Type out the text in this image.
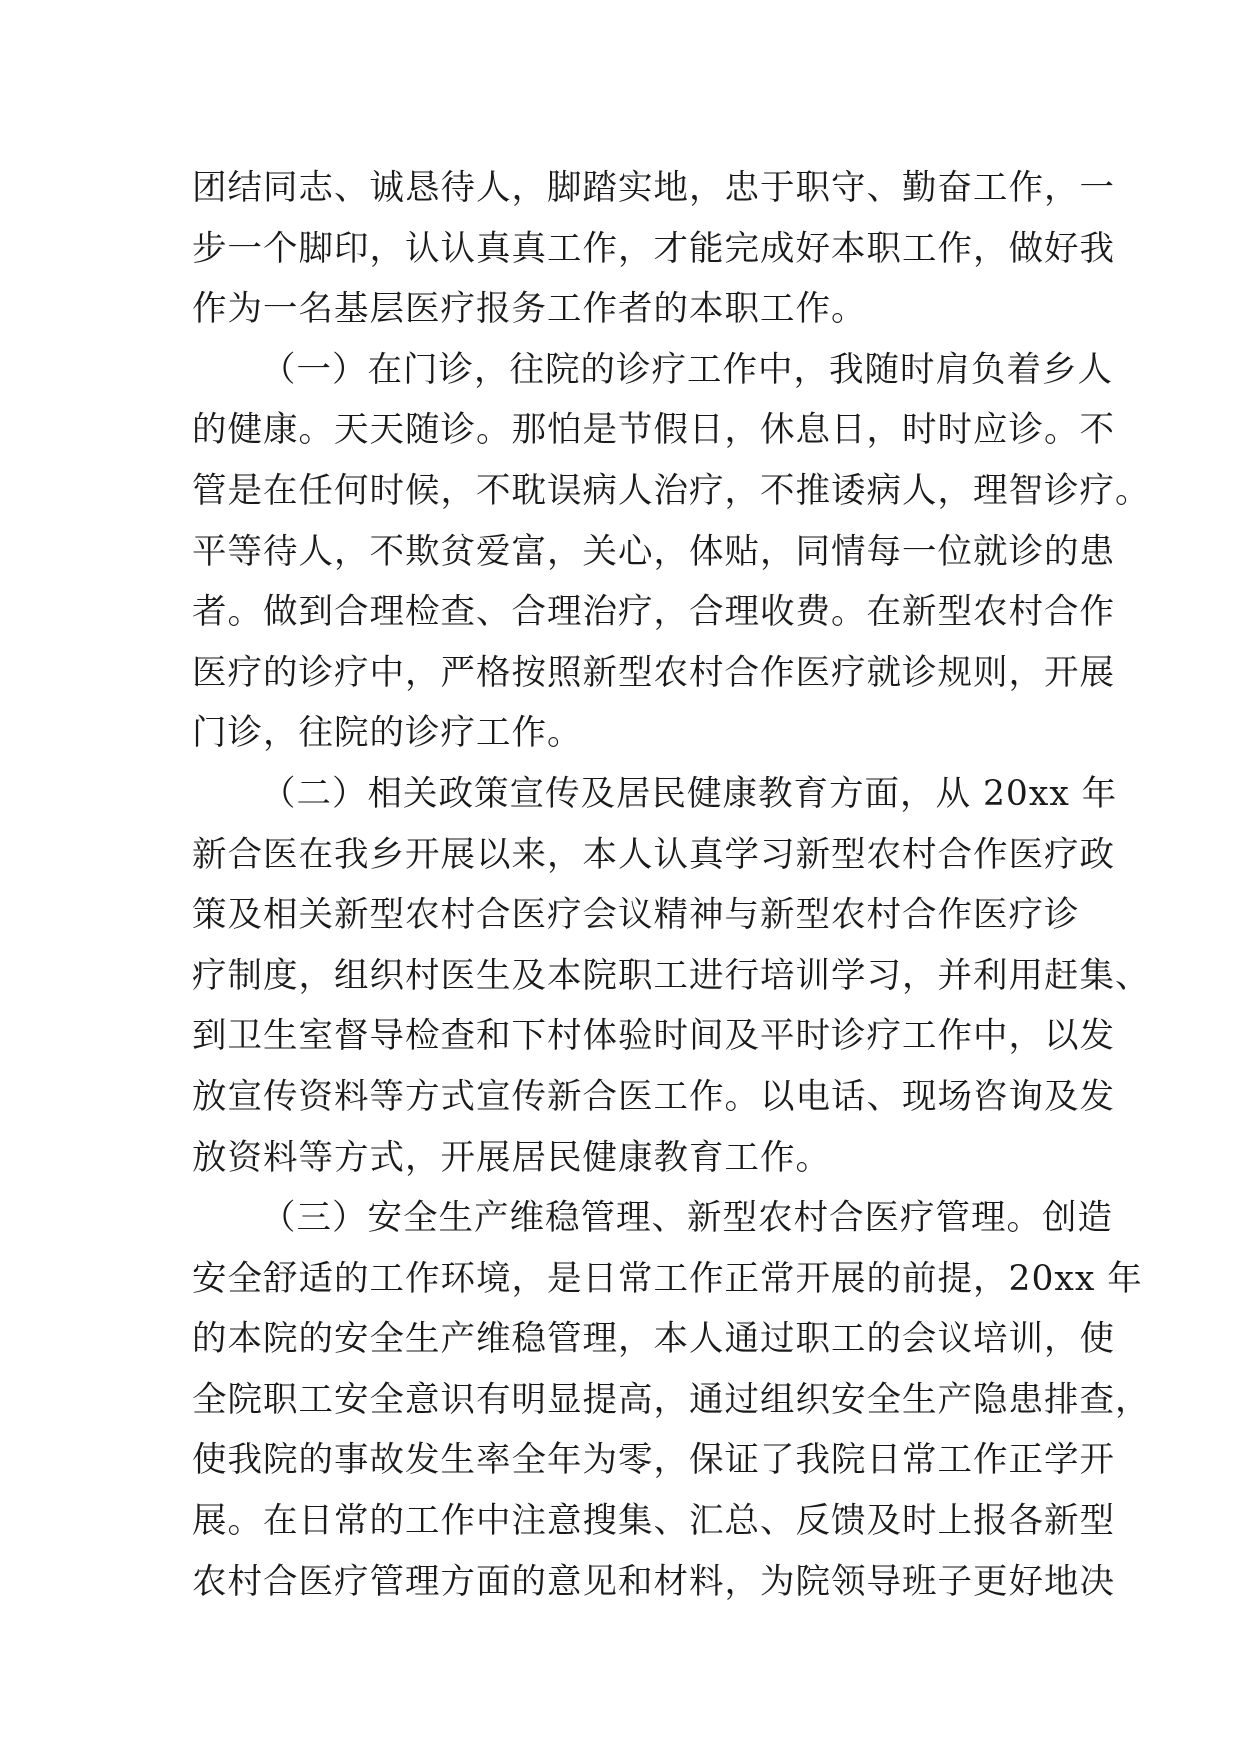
团结同志、诚恳待人，脚踏实地，忠于职守、勤奋工作，一
步一个脚印，认认真真工作，才能完成好本职工作，做好我
作为一名基层医疗报务工作者的本职工作。
（一）在门诊，往院的诊疗工作中，我随时肩负着乡人
的健康。天天随诊。那怕是节假日，休息日，时时应诊。不
管是在任何时候，不耽误病人治疗，不推诿病人，理智诊疗。
平等待人，不欺贫爱富，关心，体贴，同情每一位就诊的患
者。做到合理检查、合理治疗，合理收费。在新型农村合作
医疗的诊疗中，严格按照新型农村合作医疗就诊规则，开展
门诊，往院的诊疗工作。
（二）相关政策宣传及居民健康教育方面，从 20xx 年
新合医在我乡开展以来，本人认真学习新型农村合作医疗政
策及相关新型农村合医疗会议精神与新型农村合作医疗诊
疗制度，组织村医生及本院职工进行培训学习，并利用赶集、
到卫生室督导检查和下村体验时间及平时诊疗工作中，以发
放宣传资料等方式宣传新合医工作。以电话、现场咨询及发
放资料等方式，开展居民健康教育工作。
（三）安全生产维稳管理、新型农村合医疗管理。创造
安全舒适的工作环境，是日常工作正常开展的前提，20xx 年
的本院的安全生产维稳管理，本人通过职工的会议培训，使
全院职工安全意识有明显提高，通过组织安全生产隐患排查，
使我院的事故发生率全年为零，保证了我院日常工作正学开
展。在日常的工作中注意搜集、汇总、反馈及时上报各新型
农村合医疗管理方面的意见和材料，为院领导班子更好地决
